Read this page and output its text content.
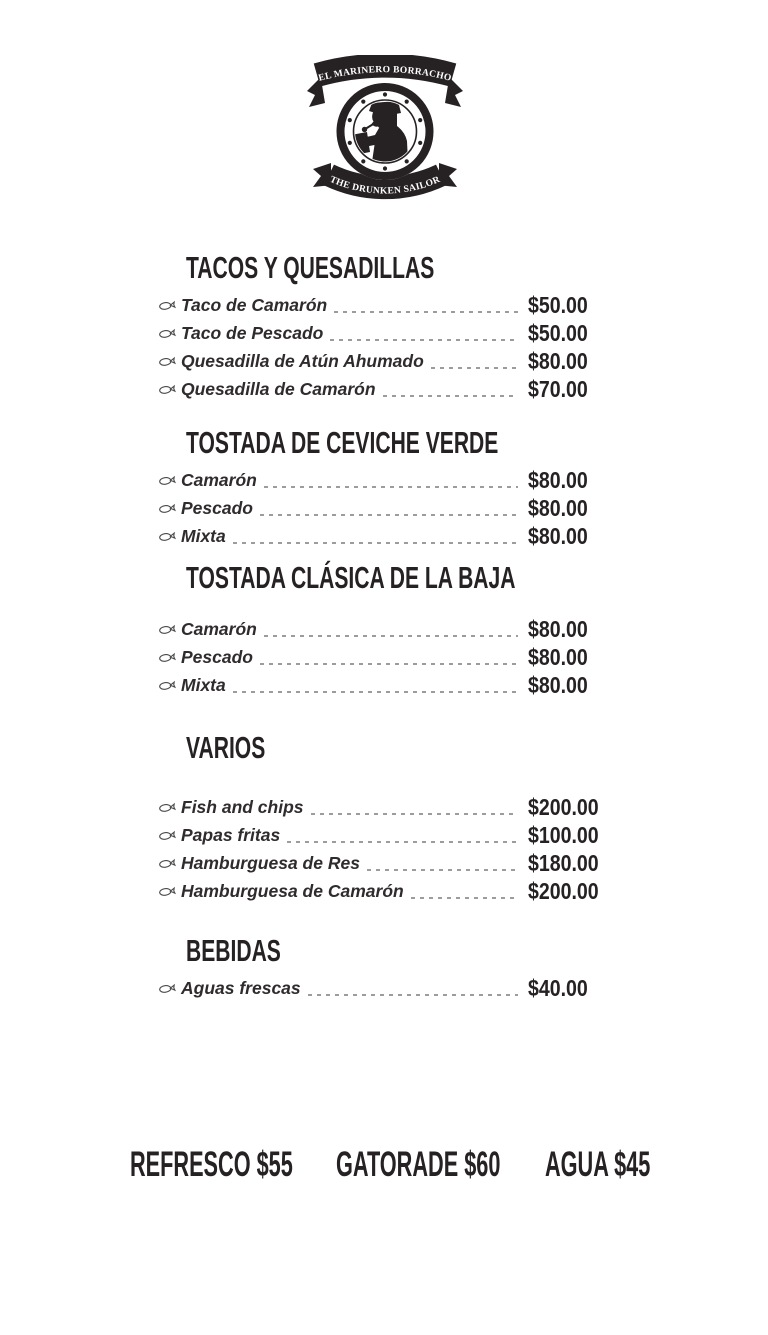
EL MARINERO BORRACHO
THE DRUNKEN SAILOR
TACOS Y QUESADILLAS
Taco de Camarón	$50.00
Taco de Pescado	$50.00
Quesadilla de Atún Ahumado	$80.00
Quesadilla de Camarón	$70.00
TOSTADA DE CEVICHE VERDE
Camarón	$80.00
Pescado	$80.00
Mixta	$80.00
TOSTADA CLÁSICA DE LA BAJA
Camarón	$80.00
Pescado	$80.00
Mixta	$80.00
VARIOS
Fish and chips	$200.00
Papas fritas	$100.00
Hamburguesa de Res	$180.00
Hamburguesa de Camarón	$200.00
BEBIDAS
Aguas frescas	$40.00
REFRESCO $55	GATORADE $60	AGUA $45
